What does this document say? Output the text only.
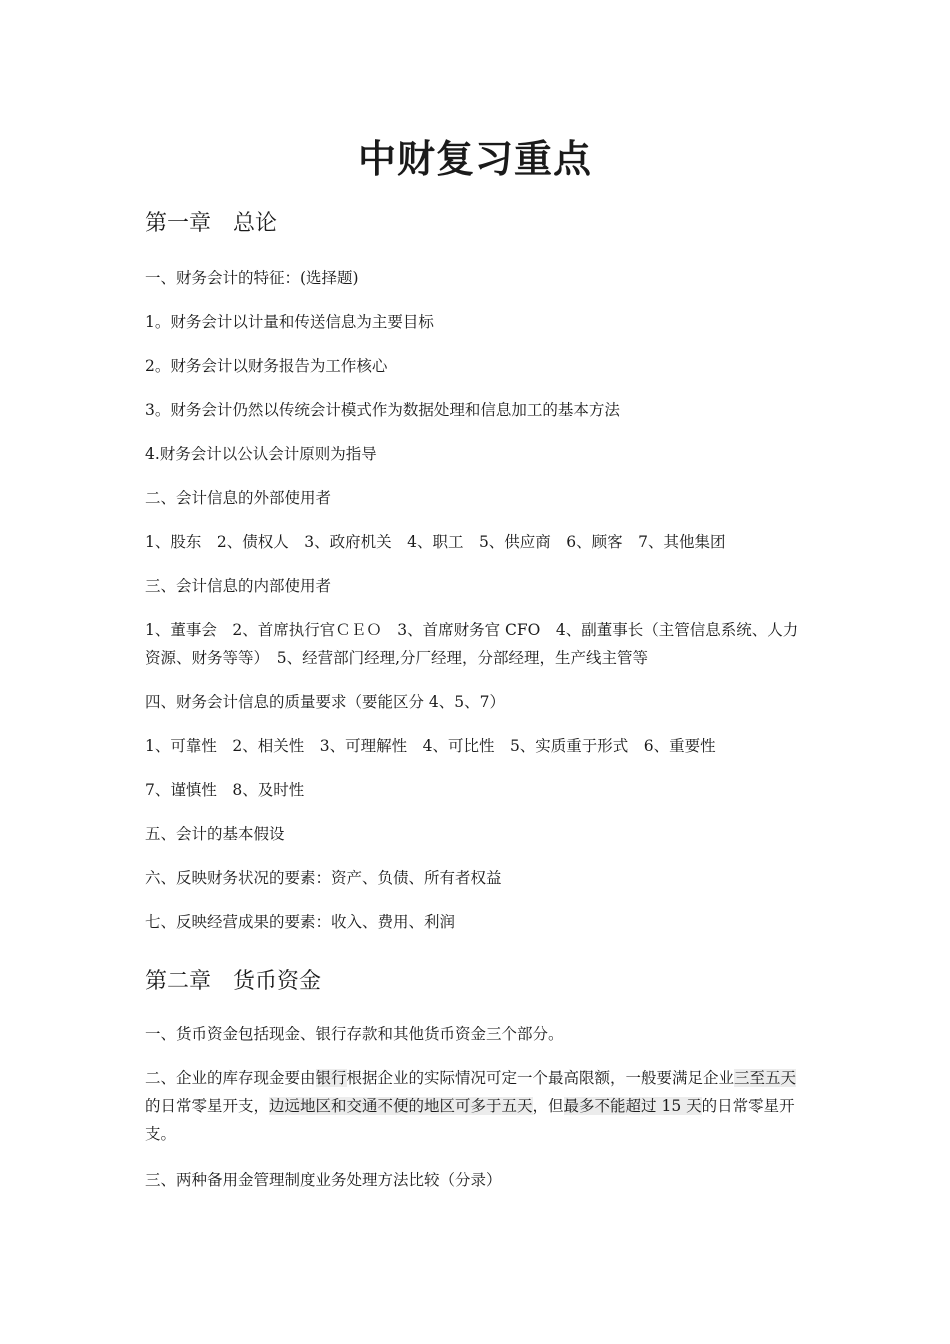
中财复习重点
第一章　总论
一、财务会计的特征：(选择题)
1。财务会计以计量和传送信息为主要目标
2。财务会计以财务报告为工作核心
3。财务会计仍然以传统会计模式作为数据处理和信息加工的基本方法
4.财务会计以公认会计原则为指导
二、会计信息的外部使用者
1、股东　2、债权人　3、政府机关　4、职工　5、供应商　6、顾客　7、其他集团
三、会计信息的内部使用者
1、董事会　2、首席执行官ＣＥＯ　3、首席财务官 CFO　4、副董事长（主管信息系统、人力资源、财务等等）　5、经营部门经理,分厂经理，分部经理，生产线主管等
四、财务会计信息的质量要求（要能区分 4、5、7）
1、可靠性　2、相关性　3、可理解性　4、可比性　5、实质重于形式　6、重要性
7、谨慎性　8、及时性
五、会计的基本假设
六、反映财务状况的要素：资产、负债、所有者权益
七、反映经营成果的要素：收入、费用、利润
第二章　货币资金
一、货币资金包括现金、银行存款和其他货币资金三个部分。
二、企业的库存现金要由银行根据企业的实际情况可定一个最高限额，一般要满足企业三至五天的日常零星开支，边远地区和交通不便的地区可多于五天，但最多不能超过 15 天的日常零星开支。
三、两种备用金管理制度业务处理方法比较（分录）
